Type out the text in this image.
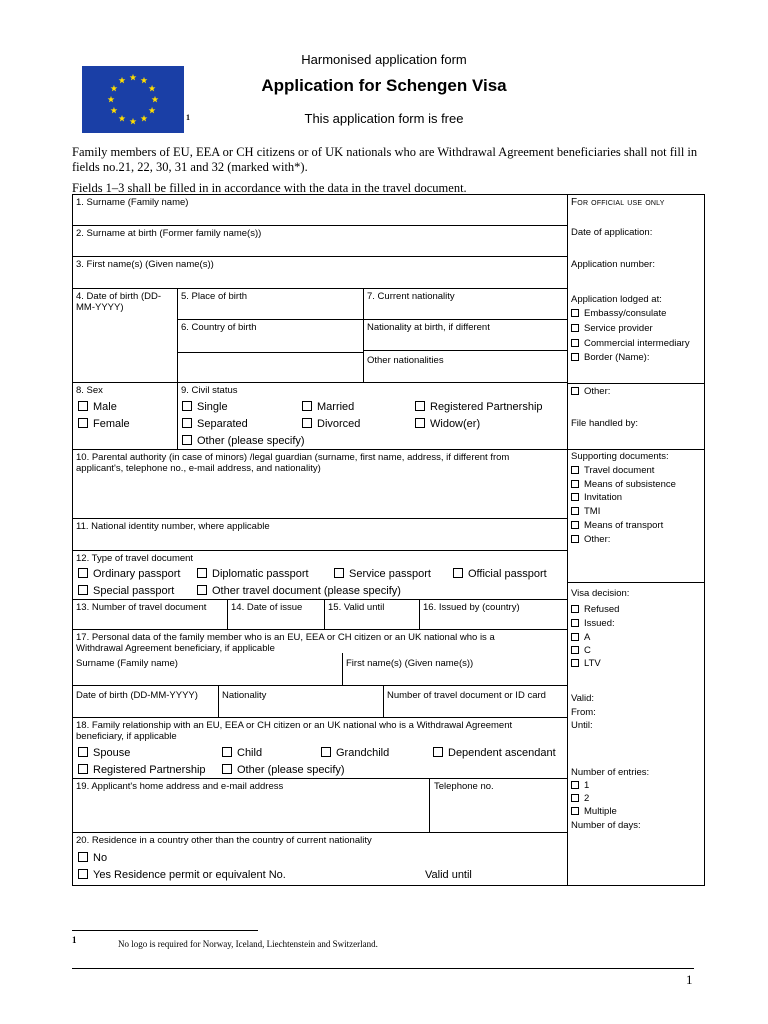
1
Harmonised application form
Application for Schengen Visa
This application form is free
Family members of EU, EEA or CH citizens or of UK nationals who are Withdrawal Agreement beneficiaries shall not fill in fields no.21, 22, 30, 31 and 32 (marked with*).
Fields 1–3 shall be filled in in accordance with the data in the travel document.
1. Surname (Family name)
2. Surname at birth (Former family name(s))
3. First name(s) (Given name(s))
4. Date of birth (DD-MM-YYYY)
5. Place of birth
6. Country of birth
7. Current nationality
Nationality at birth, if different
Other nationalities
8. Sex
Male
Female
9. Civil status
Single	Married	Registered Partnership
Separated	Divorced	Widow(er)
Other (please specify)
10. Parental authority (in case of minors) /legal guardian (surname, first name, address, if different from
applicant's, telephone no., e-mail address, and nationality)
11. National identity number, where applicable
12. Type of travel document
Ordinary passport	Diplomatic passport	Service passport	Official passport
Special passport	Other travel document (please specify)
13. Number of travel document	14. Date of issue	15. Valid until	16. Issued by (country)
17. Personal data of the family member who is an EU, EEA or CH citizen or an UK national who is a
Withdrawal Agreement beneficiary, if applicable
Surname (Family name)	First name(s) (Given name(s))
Date of birth (DD-MM-YYYY)	Nationality	Number of travel document or ID card
18. Family relationship with an EU, EEA or CH citizen or an UK national who is a Withdrawal Agreement
beneficiary, if applicable
Spouse	Child	Grandchild	Dependent ascendant
Registered Partnership	Other (please specify)
19. Applicant's home address and e-mail address	Telephone no.
20. Residence in a country other than the country of current nationality
No
Yes Residence permit or equivalent No.	Valid until
For official use only
Date of application:
Application number:
Application lodged at:
Embassy/consulate
Service provider
Commercial intermediary
Border (Name):
Other:
File handled by:
Supporting documents:
Travel document
Means of subsistence
Invitation
TMI
Means of transport
Other:
Visa decision:
Refused
Issued:
A
C
LTV
Valid:
From:
Until:
Number of entries:
1
2
Multiple
Number of days:
1	No logo is required for Norway, Iceland, Liechtenstein and Switzerland.
1
